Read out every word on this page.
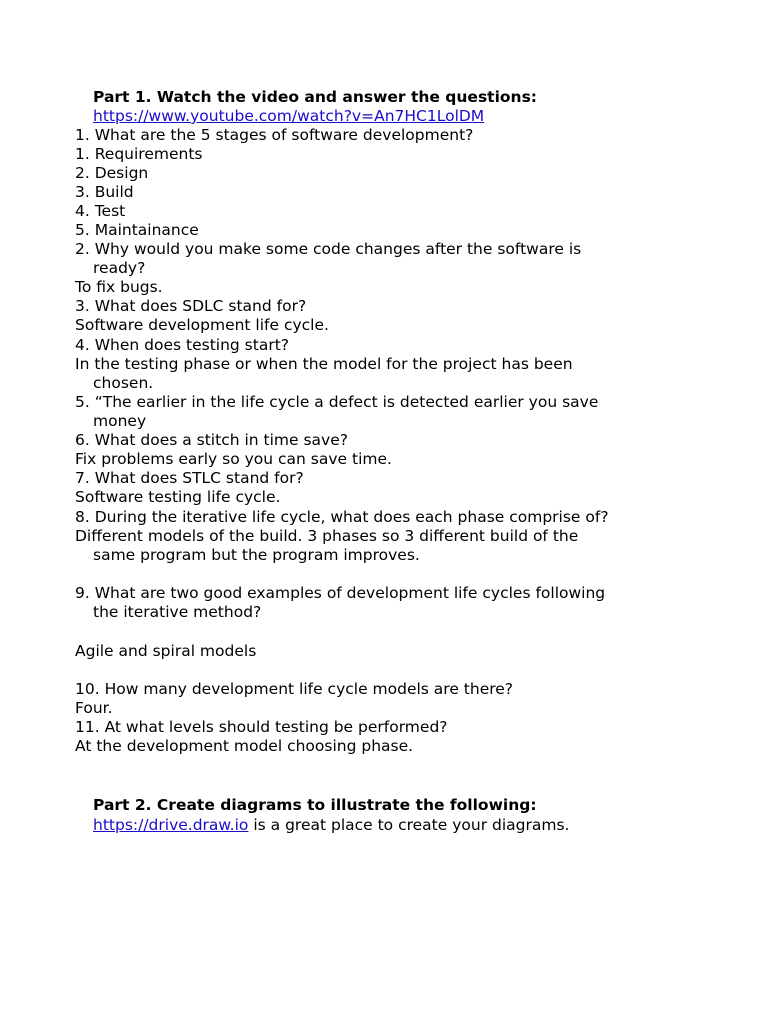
Part 1. Watch the video and answer the questions:
https://www.youtube.com/watch?v=An7HC1LolDM
1. What are the 5 stages of software development?
1. Requirements
2. Design
3. Build
4. Test
5. Maintainance
2. Why would you make some code changes after the software is
ready?
To fix bugs.
3. What does SDLC stand for?
Software development life cycle.
4. When does testing start?
In the testing phase or when the model for the project has been
chosen.
5. “The earlier in the life cycle a defect is detected earlier you save
money
6. What does a stitch in time save?
Fix problems early so you can save time.
7. What does STLC stand for?
Software testing life cycle.
8. During the iterative life cycle, what does each phase comprise of?
Different models of the build. 3 phases so 3 different build of the
same program but the program improves.
9. What are two good examples of development life cycles following
the iterative method?
Agile and spiral models
10. How many development life cycle models are there?
Four.
11. At what levels should testing be performed?
At the development model choosing phase.
Part 2. Create diagrams to illustrate the following:
https://drive.draw.io is a great place to create your diagrams.
